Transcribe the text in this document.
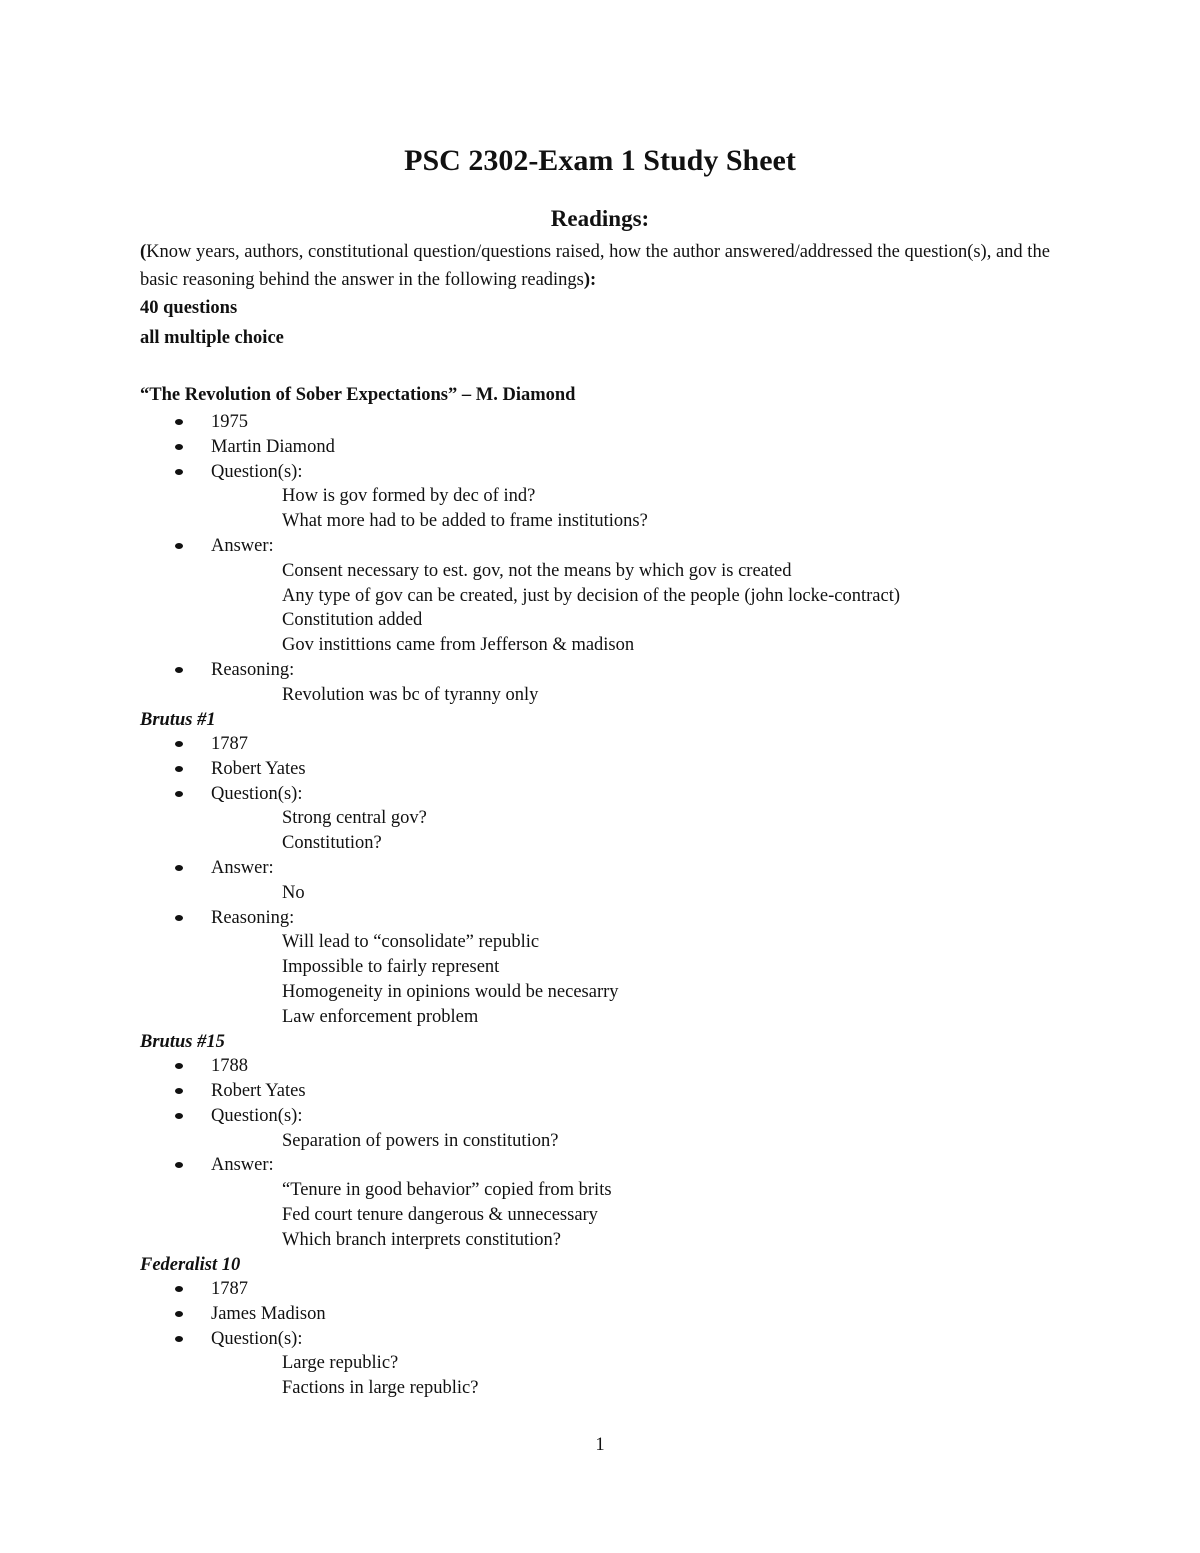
PSC 2302-Exam 1 Study Sheet
Readings:

(Know years, authors, constitutional question/questions raised, how the author answered/addressed the question(s), and the basic reasoning behind the answer in the following readings):

40 questions
all multiple choice
“The Revolution of Sober Expectations” – M. Diamond
1975
Martin Diamond
Question(s):
How is gov formed by dec of ind?
What more had to be added to frame institutions?
Answer:
Consent necessary to est. gov, not the means by which gov is created
Any type of gov can be created, just by decision of the people (john locke-contract)
Constitution added
Gov instittions came from Jefferson & madison
Reasoning:
Revolution was bc of tyranny only
Brutus #1
1787
Robert Yates
Question(s):
Strong central gov?
Constitution?
Answer:
No
Reasoning:
Will lead to “consolidate” republic
Impossible to fairly represent
Homogeneity in opinions would be necesarry
Law enforcement problem
Brutus #15
1788
Robert Yates
Question(s):
Separation of powers in constitution?
Answer:
“Tenure in good behavior” copied from brits
Fed court tenure dangerous & unnecessary
Which branch interprets constitution?
Federalist 10
1787
James Madison
Question(s):
Large republic?
Factions in large republic?
1
